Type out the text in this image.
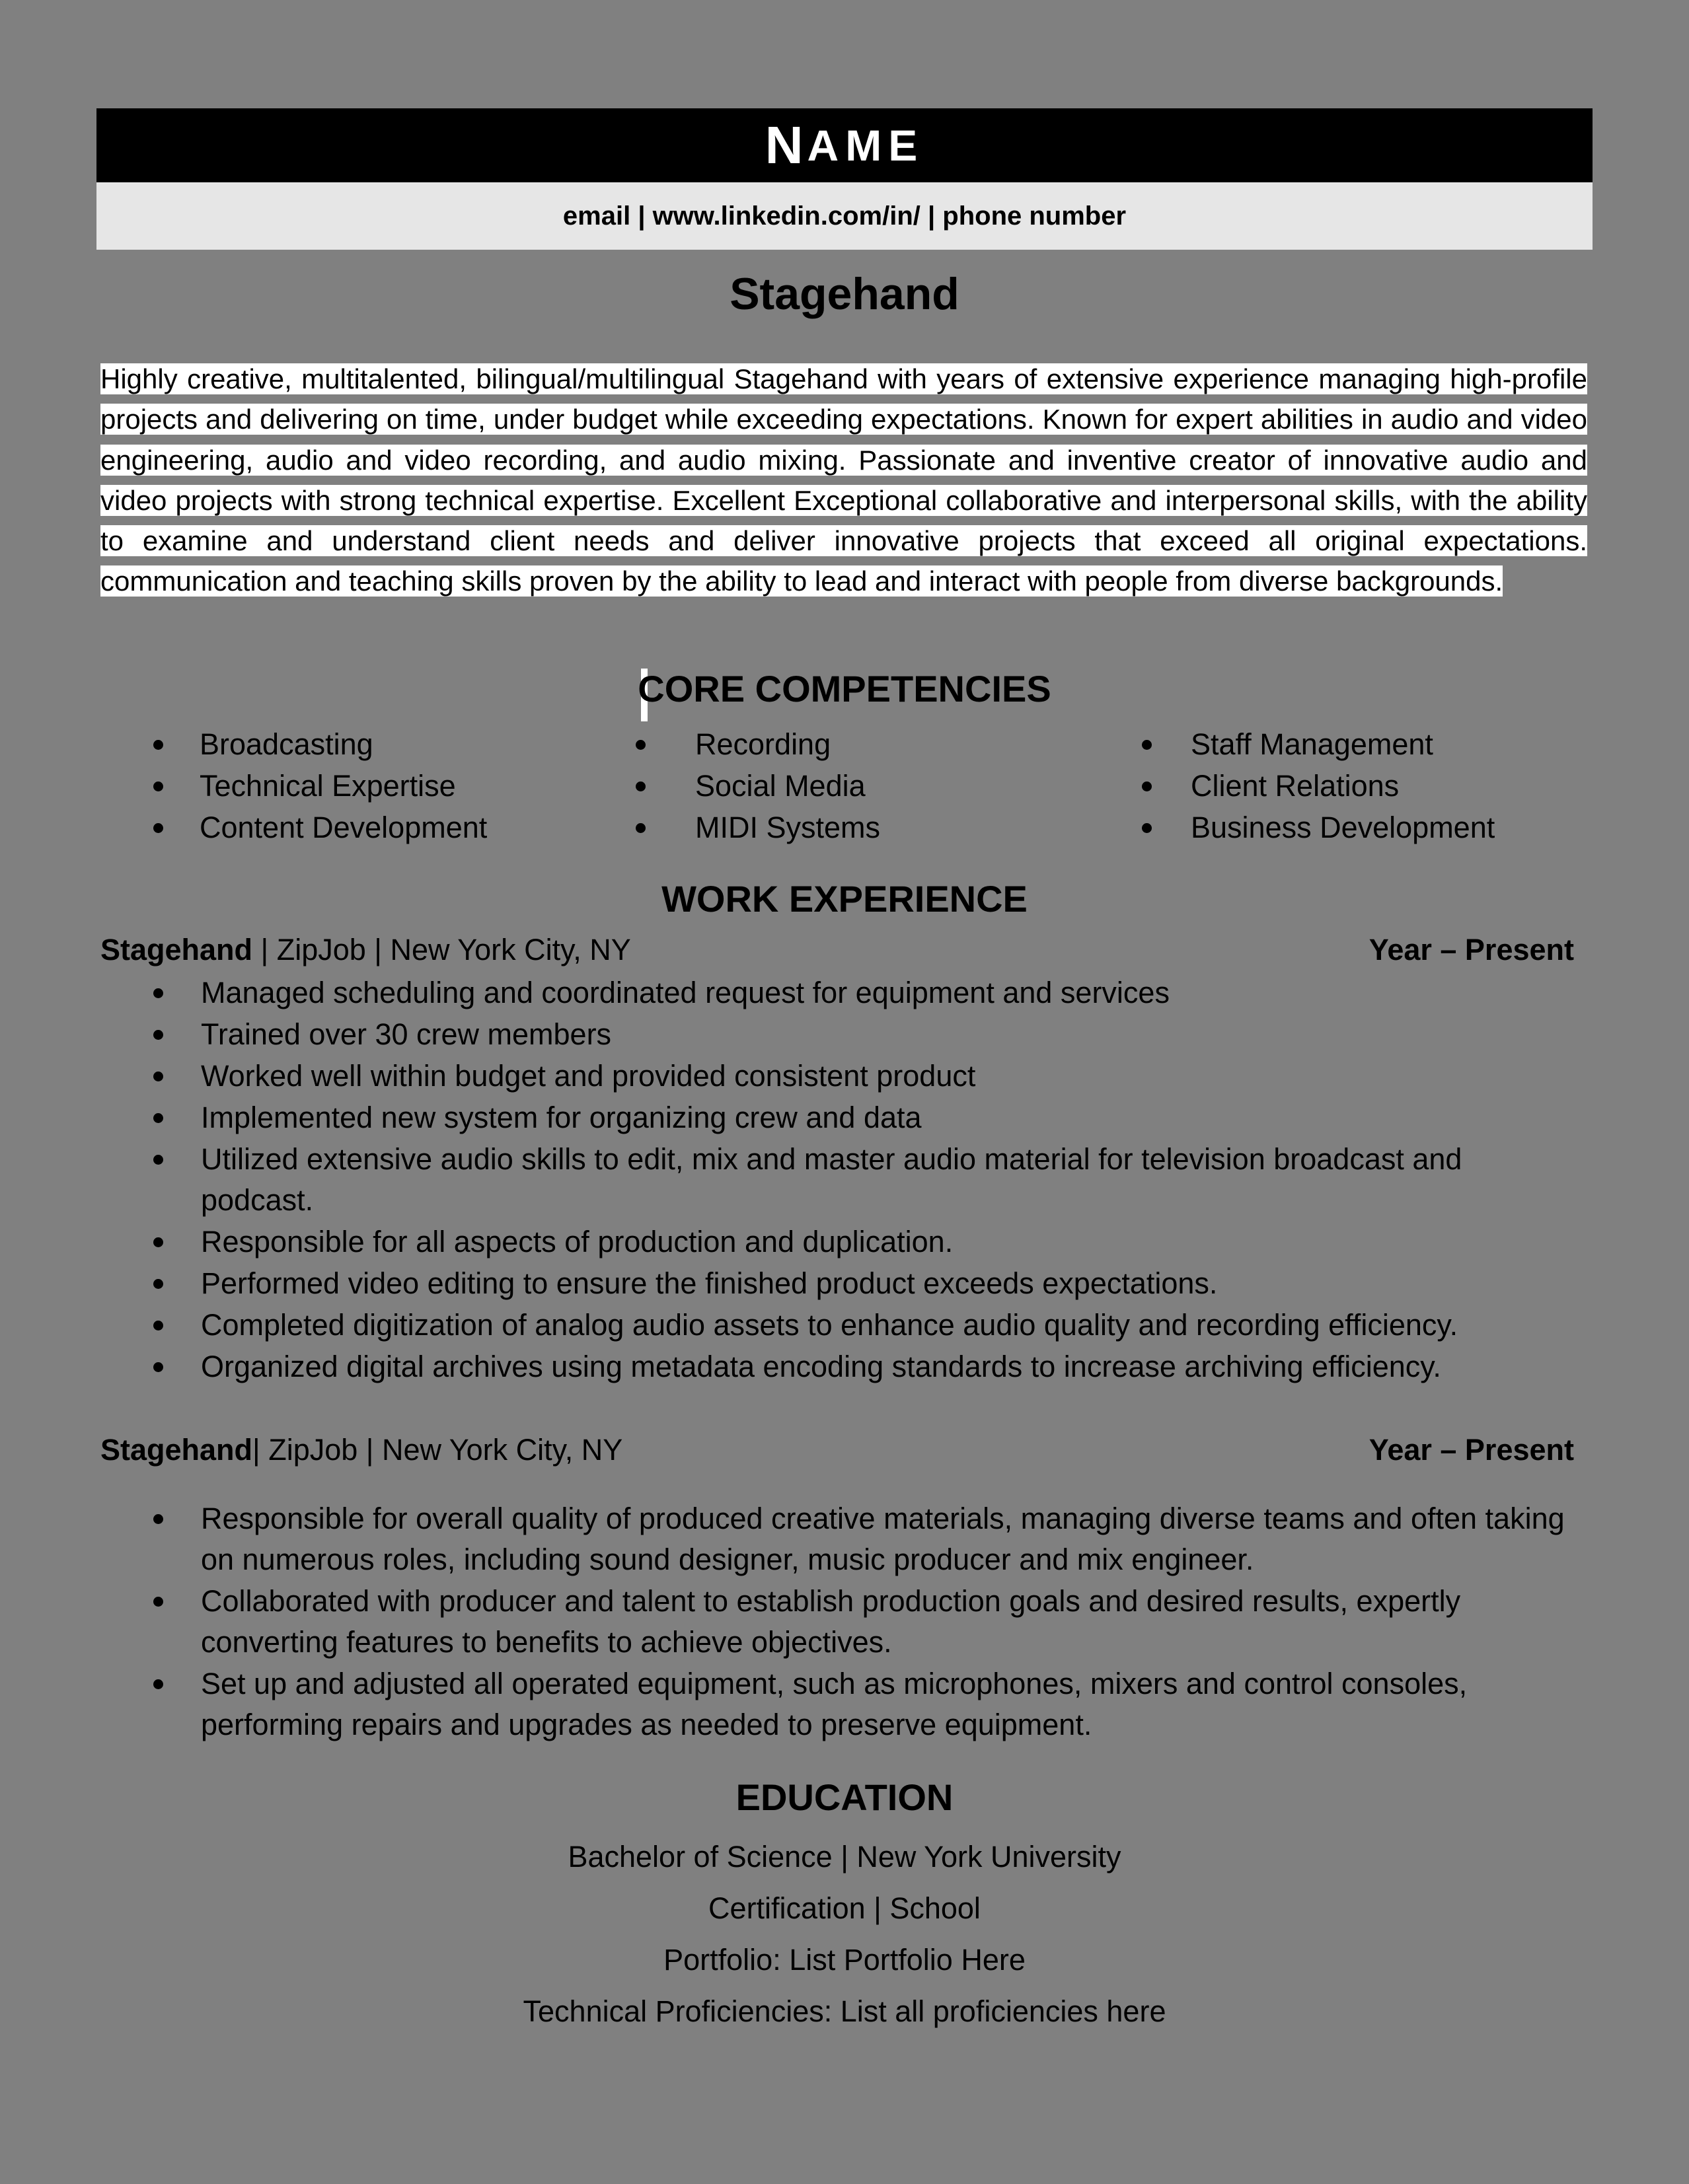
N AME
email | www.linkedin.com/in/ | phone number
Stagehand
Highly creative, multitalented, bilingual/multilingual Stagehand with years of extensive experience managing high-profile projects and delivering on time, under budget while exceeding expectations. Known for expert abilities in audio and video engineering, audio and video recording, and audio mixing. Passionate and inventive creator of innovative audio and video projects with strong technical expertise. Excellent Exceptional collaborative and interpersonal skills, with the ability to examine and understand client needs and deliver innovative projects that exceed all original expectations. communication and teaching skills proven by the ability to lead and interact with people from diverse backgrounds.
CORE COMPETENCIES
Broadcasting
Technical Expertise
Content Development
Recording
Social Media
MIDI Systems
Staff Management
Client Relations
Business Development
WORK EXPERIENCE
Stagehand | ZipJob | New York City, NY	Year – Present
Managed scheduling and coordinated request for equipment and services
Trained over 30 crew members
Worked well within budget and provided consistent product
Implemented new system for organizing crew and data
Utilized extensive audio skills to edit, mix and master audio material for television broadcast and podcast.
Responsible for all aspects of production and duplication.
Performed video editing to ensure the finished product exceeds expectations.
Completed digitization of analog audio assets to enhance audio quality and recording efficiency.
Organized digital archives using metadata encoding standards to increase archiving efficiency.
Stagehand| ZipJob | New York City, NY	Year – Present
Responsible for overall quality of produced creative materials, managing diverse teams and often taking on numerous roles, including sound designer, music producer and mix engineer.
Collaborated with producer and talent to establish production goals and desired results, expertly converting features to benefits to achieve objectives.
Set up and adjusted all operated equipment, such as microphones, mixers and control consoles, performing repairs and upgrades as needed to preserve equipment.
EDUCATION
Bachelor of Science | New York University
Certification | School
Portfolio: List Portfolio Here
Technical Proficiencies: List all proficiencies here
